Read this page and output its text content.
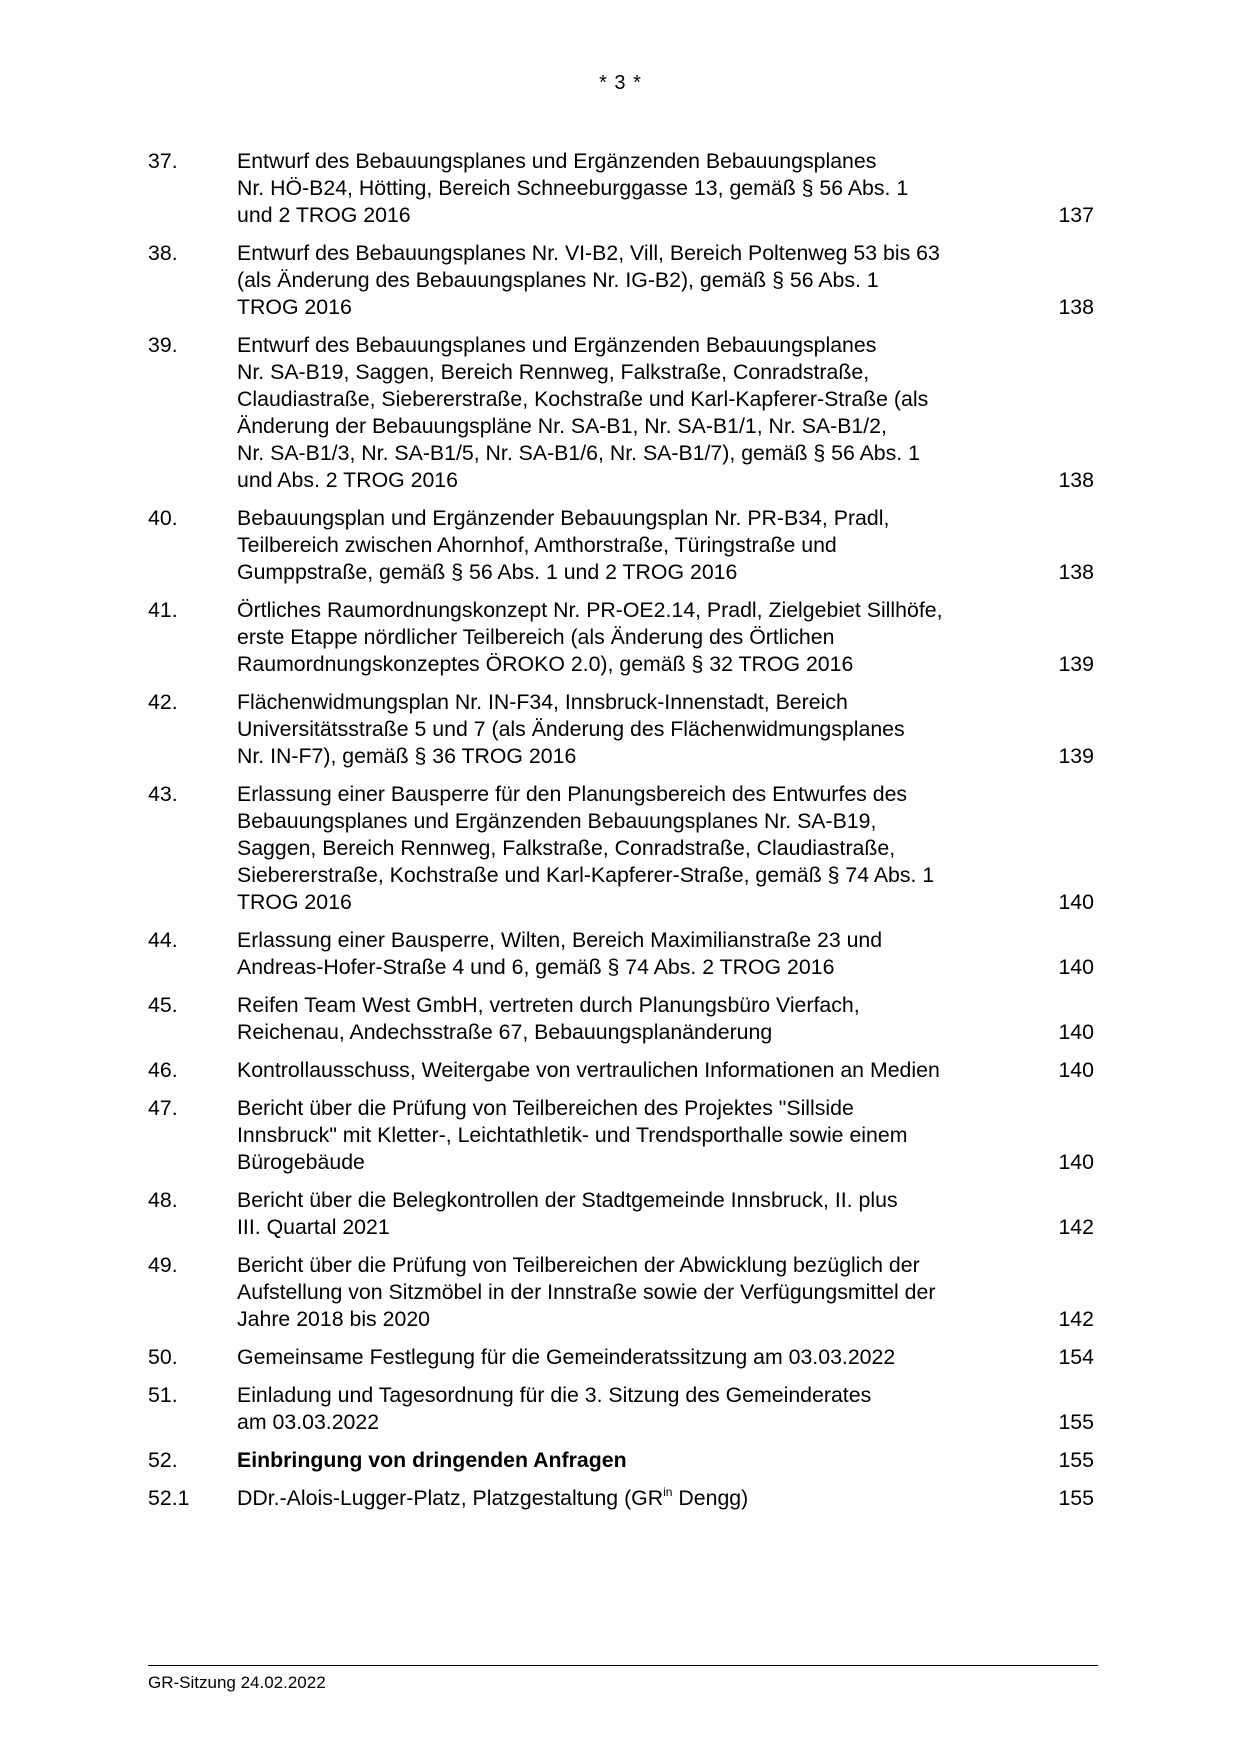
* 3 *
37.	Entwurf des Bebauungsplanes und Ergänzenden Bebauungsplanes
Nr. HÖ-B24, Hötting, Bereich Schneeburggasse 13, gemäß § 56 Abs. 1
und 2 TROG 2016	137
38.	Entwurf des Bebauungsplanes Nr. VI-B2, Vill, Bereich Poltenweg 53 bis 63
(als Änderung des Bebauungsplanes Nr. IG-B2), gemäß § 56 Abs. 1
TROG 2016	138
39.	Entwurf des Bebauungsplanes und Ergänzenden Bebauungsplanes
Nr. SA-B19, Saggen, Bereich Rennweg, Falkstraße, Conradstraße,
Claudiastraße, Siebererstraße, Kochstraße und Karl-Kapferer-Straße (als
Änderung der Bebauungspläne Nr. SA-B1, Nr. SA-B1/1, Nr. SA-B1/2,
Nr. SA-B1/3, Nr. SA-B1/5, Nr. SA-B1/6, Nr. SA-B1/7), gemäß § 56 Abs. 1
und Abs. 2 TROG 2016	138
40.	Bebauungsplan und Ergänzender Bebauungsplan Nr. PR-B34, Pradl,
Teilbereich zwischen Ahornhof, Amthorstraße, Türingstraße und
Gumppstraße, gemäß § 56 Abs. 1 und 2 TROG 2016	138
41.	Örtliches Raumordnungskonzept Nr. PR-OE2.14, Pradl, Zielgebiet Sillhöfe,
erste Etappe nördlicher Teilbereich (als Änderung des Örtlichen
Raumordnungskonzeptes ÖROKO 2.0), gemäß § 32 TROG 2016	139
42.	Flächenwidmungsplan Nr. IN-F34, Innsbruck-Innenstadt, Bereich
Universitätsstraße 5 und 7 (als Änderung des Flächenwidmungsplanes
Nr. IN-F7), gemäß § 36 TROG 2016	139
43.	Erlassung einer Bausperre für den Planungsbereich des Entwurfes des
Bebauungsplanes und Ergänzenden Bebauungsplanes Nr. SA-B19,
Saggen, Bereich Rennweg, Falkstraße, Conradstraße, Claudiastraße,
Siebererstraße, Kochstraße und Karl-Kapferer-Straße, gemäß § 74 Abs. 1
TROG 2016	140
44.	Erlassung einer Bausperre, Wilten, Bereich Maximilianstraße 23 und
Andreas-Hofer-Straße 4 und 6, gemäß § 74 Abs. 2 TROG 2016	140
45.	Reifen Team West GmbH, vertreten durch Planungsbüro Vierfach,
Reichenau, Andechsstraße 67, Bebauungsplanänderung	140
46.	Kontrollausschuss, Weitergabe von vertraulichen Informationen an Medien	140
47.	Bericht über die Prüfung von Teilbereichen des Projektes "Sillside
Innsbruck" mit Kletter-, Leichtathletik- und Trendsporthalle sowie einem
Bürogebäude	140
48.	Bericht über die Belegkontrollen der Stadtgemeinde Innsbruck, II. plus
III. Quartal 2021	142
49.	Bericht über die Prüfung von Teilbereichen der Abwicklung bezüglich der
Aufstellung von Sitzmöbel in der Innstraße sowie der Verfügungsmittel der
Jahre 2018 bis 2020	142
50.	Gemeinsame Festlegung für die Gemeinderatssitzung am 03.03.2022	154
51.	Einladung und Tagesordnung für die 3. Sitzung des Gemeinderates
am 03.03.2022	155
52.	Einbringung von dringenden Anfragen	155
52.1	DDr.-Alois-Lugger-Platz, Platzgestaltung ($GR^{in}$ Dengg)	155
GR-Sitzung 24.02.2022
